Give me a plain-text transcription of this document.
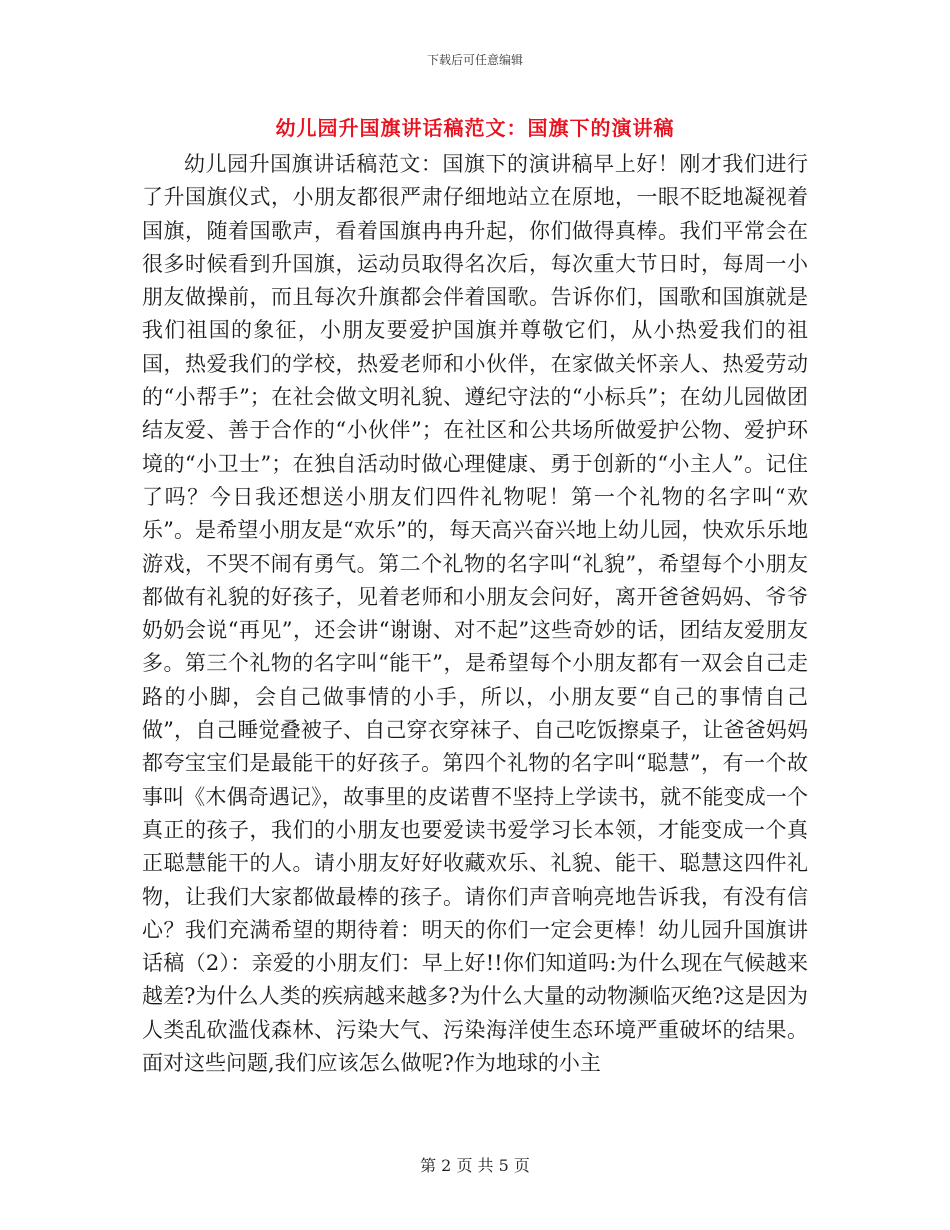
下载后可任意编辑
幼儿园升国旗讲话稿范文：国旗下的演讲稿

幼儿园升国旗讲话稿范文：国旗下的演讲稿早上好！刚才我们进行了升国旗仪式，小朋友都很严肃仔细地站立在原地，一眼不眨地凝视着国旗，随着国歌声，看着国旗冉冉升起，你们做得真棒。我们平常会在很多时候看到升国旗，运动员取得名次后，每次重大节日时，每周一小朋友做操前，而且每次升旗都会伴着国歌。告诉你们，国歌和国旗就是我们祖国的象征，小朋友要爱护国旗并尊敬它们，从小热爱我们的祖国，热爱我们的学校，热爱老师和小伙伴，在家做关怀亲人、热爱劳动的“小帮手”；在社会做文明礼貌、遵纪守法的“小标兵”；在幼儿园做团结友爱、善于合作的“小伙伴”；在社区和公共场所做爱护公物、爱护环境的“小卫士”；在独自活动时做心理健康、勇于创新的“小主人”。记住了吗？今日我还想送小朋友们四件礼物呢！第一个礼物的名字叫“欢乐”。是希望小朋友是“欢乐”的，每天高兴奋兴地上幼儿园，快欢乐乐地游戏，不哭不闹有勇气。第二个礼物的名字叫“礼貌”，希望每个小朋友都做有礼貌的好孩子，见着老师和小朋友会问好，离开爸爸妈妈、爷爷奶奶会说“再见”，还会讲“谢谢、对不起”这些奇妙的话，团结友爱朋友多。第三个礼物的名字叫“能干”，是希望每个小朋友都有一双会自己走路的小脚，会自己做事情的小手，所以，小朋友要“自己的事情自己做”，自己睡觉叠被子、自己穿衣穿袜子、自己吃饭擦桌子，让爸爸妈妈都夸宝宝们是最能干的好孩子。第四个礼物的名字叫“聪慧”，有一个故事叫《木偶奇遇记》，故事里的皮诺曹不坚持上学读书，就不能变成一个真正的孩子，我们的小朋友也要爱读书爱学习长本领，才能变成一个真正聪慧能干的人。请小朋友好好收藏欢乐、礼貌、能干、聪慧这四件礼物，让我们大家都做最棒的孩子。请你们声音响亮地告诉我，有没有信心？我们充满希望的期待着：明天的你们一定会更棒！幼儿园升国旗讲话稿（2）：亲爱的小朋友们：早上好!!你们知道吗:为什么现在气候越来越差?为什么人类的疾病越来越多?为什么大量的动物濒临灭绝?这是因为人类乱砍滥伐森林、污染大气、污染海洋使生态环境严重破坏的结果。面对这些问题,我们应该怎么做呢?作为地球的小主

第 2 页 共 5 页
